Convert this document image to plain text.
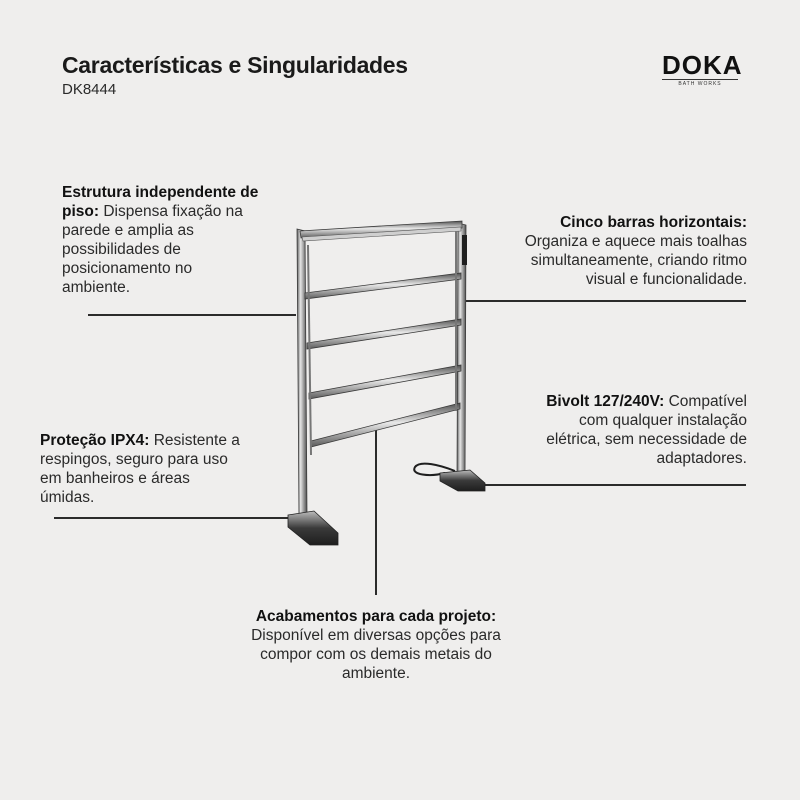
Características e Singularidades
DK8444
DOKA
BATH WORKS
Estrutura independente de piso: Dispensa fixação na parede e amplia as possibilidades de posicionamento no ambiente.
Cinco barras horizontais: Organiza e aquece mais toalhas simultaneamente, criando ritmo visual e funcionalidade.
Bivolt 127/240V: Compatível com qualquer instalação elétrica, sem necessidade de adaptadores.
Proteção IPX4: Resistente a respingos, seguro para uso em banheiros e áreas úmidas.
Acabamentos para cada projeto: Disponível em diversas opções para compor com os demais metais do ambiente.
